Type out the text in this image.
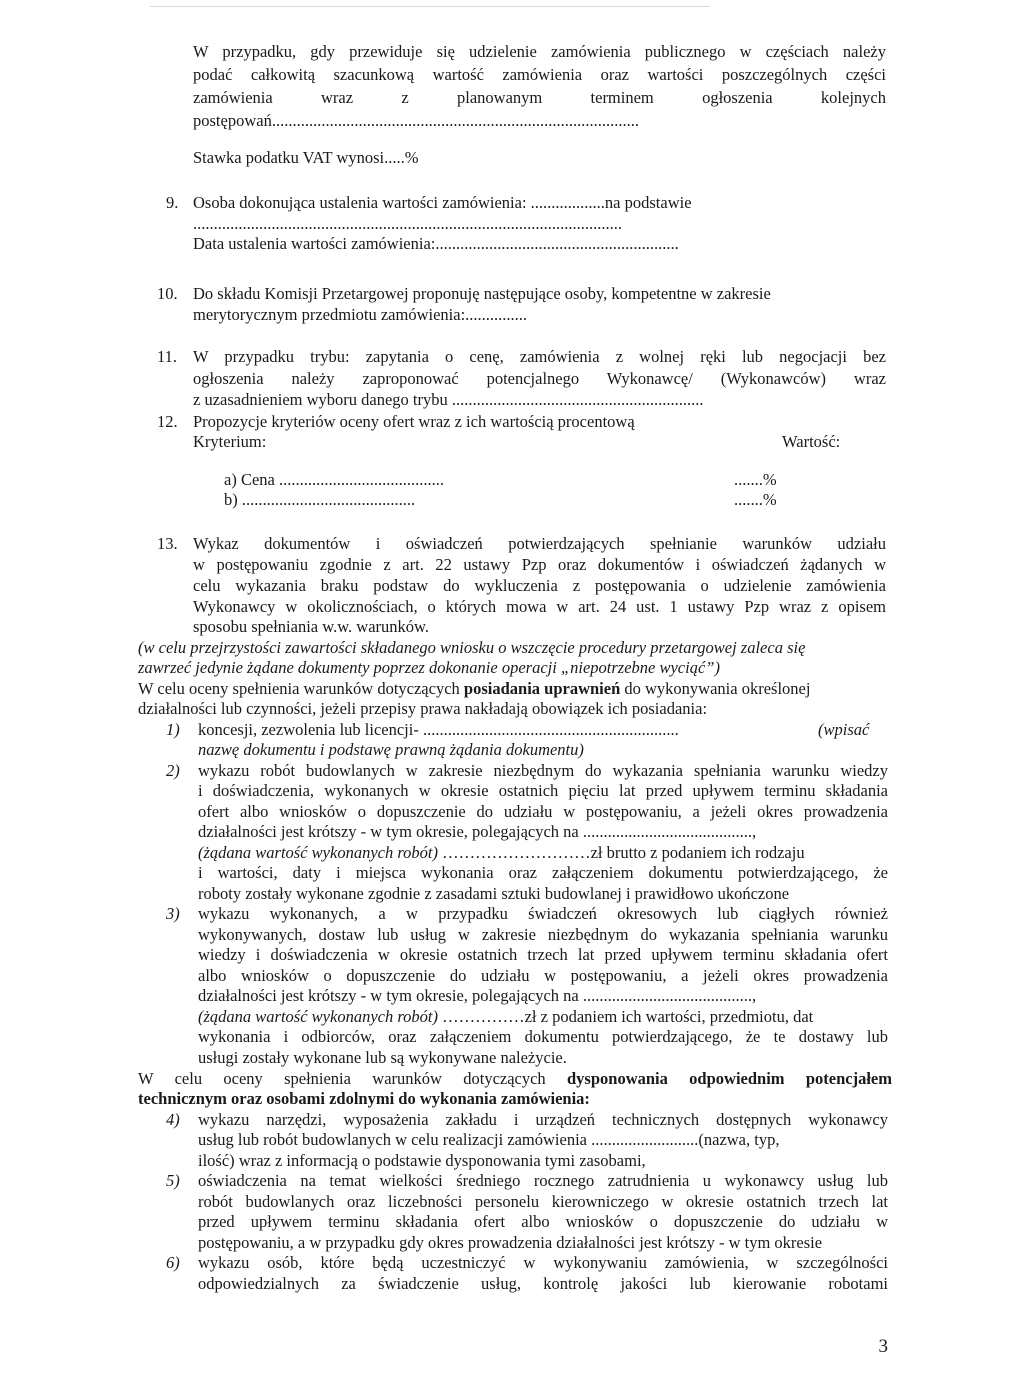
W przypadku, gdy przewiduje się udzielenie zamówienia publicznego w częściach należy

podać całkowitą szacunkową wartość zamówienia oraz wartości poszczególnych części

zamówienia wraz z planowanym terminem ogłoszenia kolejnych

postępowań.........................................................................................

Stawka podatku VAT wynosi.....%

9. Osoba dokonująca ustalenia wartości zamówienia: ..................na podstawie

........................................................................................................

Data ustalenia wartości zamówienia:...........................................................

10. Do składu Komisji Przetargowej proponuję następujące osoby, kompetentne w zakresie

merytorycznym przedmiotu zamówienia:...............

11. W przypadku trybu: zapytania o cenę, zamówienia z wolnej ręki lub negocjacji bez

ogłoszenia należy zaproponować potencjalnego Wykonawcę/ (Wykonawców) wraz

z uzasadnieniem wyboru danego trybu .............................................................

12. Propozycje kryteriów oceny ofert wraz z ich wartością procentową

Kryterium:	Wartość:

a) Cena ........................................	.......%

b) ..........................................	.......%

13. Wykaz dokumentów i oświadczeń potwierdzających spełnianie warunków udziału

w postępowaniu zgodnie z art. 22 ustawy Pzp oraz dokumentów i oświadczeń żądanych w

celu wykazania braku podstaw do wykluczenia z postępowania o udzielenie zamówienia

Wykonawcy w okolicznościach, o których mowa w art. 24 ust. 1 ustawy Pzp wraz z opisem

sposobu spełniania w.w. warunków.

(w celu przejrzystości zawartości składanego wniosku o wszczęcie procedury przetargowej zaleca się

zawrzeć jedynie żądane dokumenty poprzez dokonanie operacji „niepotrzebne wyciąć”)

W celu oceny spełnienia warunków dotyczących posiadania uprawnień do wykonywania określonej

działalności lub czynności, jeżeli przepisy prawa nakładają obowiązek ich posiadania:

1) koncesji, zezwolenia lub licencji- ..............................................................	(wpisać

nazwę dokumentu i podstawę prawną żądania dokumentu)

2) wykazu robót budowlanych w zakresie niezbędnym do wykazania spełniania warunku wiedzy

i doświadczenia, wykonanych w okresie ostatnich pięciu lat przed upływem terminu składania

ofert albo wniosków o dopuszczenie do udziału w postępowaniu, a jeżeli okres prowadzenia

działalności jest krótszy - w tym okresie, polegających na .........................................,

(żądana wartość wykonanych robót) ………………………zł brutto z podaniem ich rodzaju

i wartości, daty i miejsca wykonania oraz załączeniem dokumentu potwierdzającego, że

roboty zostały wykonane zgodnie z zasadami sztuki budowlanej i prawidłowo ukończone

3) wykazu wykonanych, a w przypadku świadczeń okresowych lub ciągłych również

wykonywanych, dostaw lub usług w zakresie niezbędnym do wykazania spełniania warunku

wiedzy i doświadczenia w okresie ostatnich trzech lat przed upływem terminu składania ofert

albo wniosków o dopuszczenie do udziału w postępowaniu, a jeżeli okres prowadzenia

działalności jest krótszy - w tym okresie, polegających na .........................................,

(żądana wartość wykonanych robót) ……………zł z podaniem ich wartości, przedmiotu, dat

wykonania i odbiorców, oraz załączeniem dokumentu potwierdzającego, że te dostawy lub

usługi zostały wykonane lub są wykonywane należycie.

W celu oceny spełnienia warunków dotyczących dysponowania odpowiednim potencjałem

technicznym oraz osobami zdolnymi do wykonania zamówienia:

4) wykazu narzędzi, wyposażenia zakładu i urządzeń technicznych dostępnych wykonawcy

usług lub robót budowlanych w celu realizacji zamówienia ..........................(nazwa, typ,

ilość) wraz z informacją o podstawie dysponowania tymi zasobami,

5) oświadczenia na temat wielkości średniego rocznego zatrudnienia u wykonawcy usług lub

robót budowlanych oraz liczebności personelu kierowniczego w okresie ostatnich trzech lat

przed upływem terminu składania ofert albo wniosków o dopuszczenie do udziału w

postępowaniu, a w przypadku gdy okres prowadzenia działalności jest krótszy - w tym okresie

6) wykazu osób, które będą uczestniczyć w wykonywaniu zamówienia, w szczególności

odpowiedzialnych za świadczenie usług, kontrolę jakości lub kierowanie robotami

3
